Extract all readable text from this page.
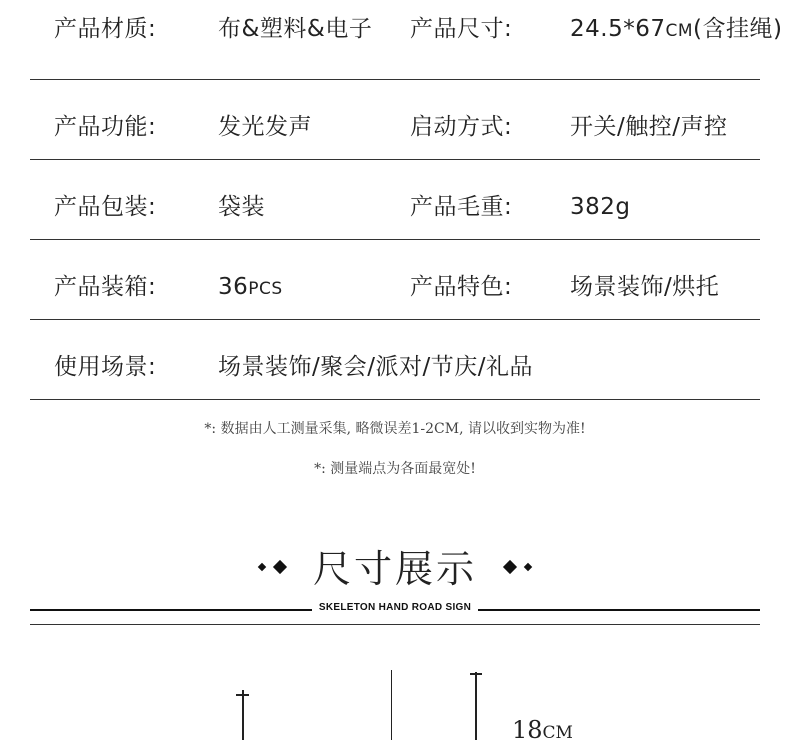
产品材质:	布&塑料&电子 产品尺寸:	24.5*67CM(含挂绳)
产品功能:	发光发声	启动方式:	开关/触控/声控
产品包装:	袋装	产品毛重:	382g
产品装箱:	36PCS	产品特色:	场景装饰/烘托
使用场景:	场景装饰/聚会/派对/节庆/礼品
*: 数据由人工测量采集, 略微误差1-2CM, 请以收到实物为准!
*: 测量端点为各面最宽处!
尺寸展示
SKELETON HAND ROAD SIGN
18CM
